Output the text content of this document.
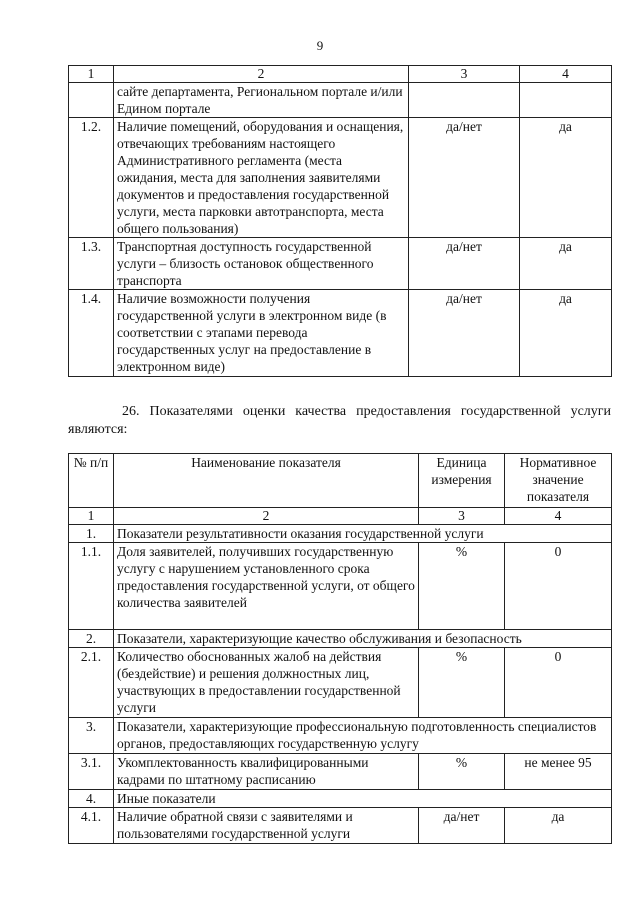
9
1	2	3	4
	сайте департамента, Региональном портале и/или Едином портале		
1.2.	Наличие помещений, оборудования и оснащения, отвечающих требованиям настоящего Административного регламента (места ожидания, места для заполнения заявителями документов и предоставления государственной услуги, места парковки автотранспорта, места общего пользования)	да/нет	да
1.3.	Транспортная доступность государственной услуги – близость остановок общественного транспорта	да/нет	да
1.4.	Наличие возможности получения государственной услуги в электронном виде (в соответствии с этапами перевода государственных услуг на предоставление в электронном виде)	да/нет	да
26. Показателями оценки качества предоставления государственной услуги являются:
№ п/п	Наименование показателя	Единица измерения	Нормативное значение показателя
1	2	3	4
1.	Показатели результативности оказания государственной услуги		
1.1.	Доля заявителей, получивших государственную услугу с нарушением установленного срока предоставления государственной услуги, от общего количества заявителей	%	0
2.	Показатели, характеризующие качество обслуживания и безопасность		
2.1.	Количество обоснованных жалоб на действия (бездействие) и решения должностных лиц, участвующих в предоставлении государственной услуги	%	0
3.	Показатели, характеризующие профессиональную подготовленность специалистов органов, предоставляющих государственную услугу		
3.1.	Укомплектованность квалифицированными кадрами по штатному расписанию	%	не менее 95
4.	Иные показатели		
4.1.	Наличие обратной связи с заявителями и пользователями государственной услуги	да/нет	да
